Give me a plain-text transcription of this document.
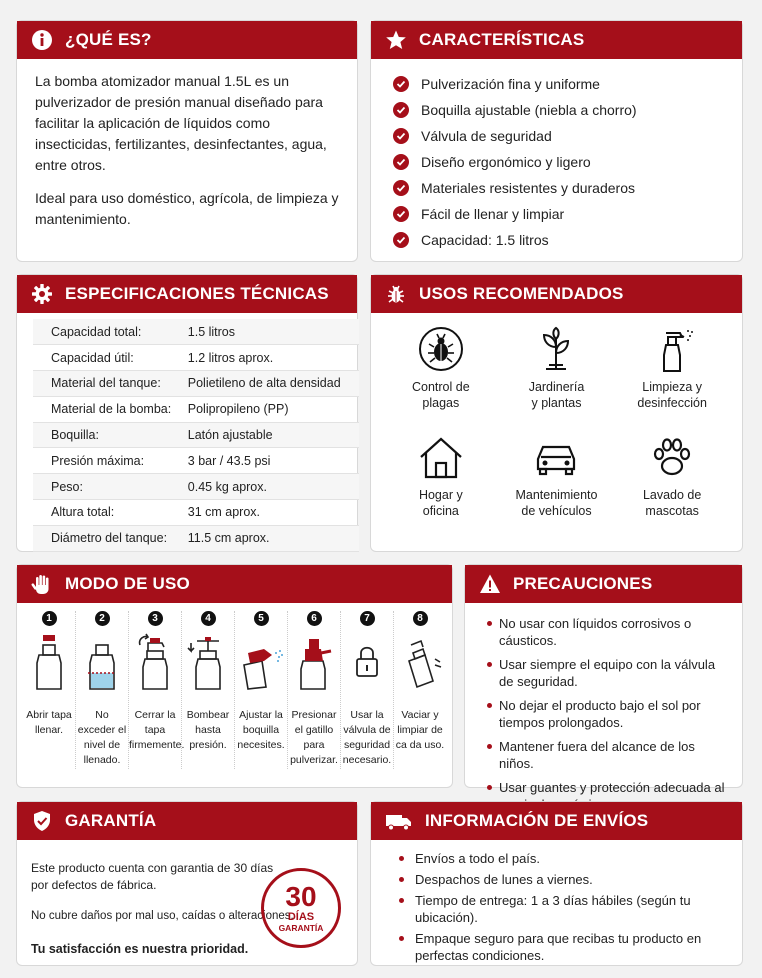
¿QUÉ ES?

La bomba atomizador manual 1.5L es un pulverizador de presión manual diseñado para facilitar la aplicación de líquidos como insecticidas, fertilizantes, desinfectantes, agua, entre otros.

Ideal para uso doméstico, agrícola, de limpieza y mantenimiento.

CARACTERÍSTICAS
Pulverización fina y uniforme
Boquilla ajustable (niebla a chorro)
Válvula de seguridad
Diseño ergonómico y ligero
Materiales resistentes y duraderos
Fácil de llenar y limpiar
Capacidad: 1.5 litros
ESPECIFICACIONES TÉCNICAS
Capacidad total:	1.5 litros
Capacidad útil:	1.2 litros aprox.
Material del tanque:	Polietileno de alta densidad
Material de la bomba:	Polipropileno (PP)
Boquilla:	Latón ajustable
Presión máxima:	3 bar / 43.5 psi
Peso:	0.45 kg aprox.
Altura total:	31 cm aprox.
Diámetro del tanque:	11.5 cm aprox.
USOS RECOMENDADOS
Control de
plagas
Jardinería
y plantas
Limpieza y
desinfección
Hogar y
oficina
Mantenimiento
de vehículos
Lavado de
mascotas
MODO DE USO
1
Abrir tapa llenar.
2
No exceder el nivel de llenado.
3
Cerrar la tapa firmemente.
4
Bombear hasta presión.
5
Ajustar la boquilla necesites.
6
Presionar el gatillo para pulverizar.
7
Usar la válvula de seguridad necesario.
8
Vaciar y limpiar de ca da uso.
PRECAUCIONES
No usar con líquidos corrosivos o cáusticos.
Usar siempre el equipo con la válvula de seguridad.
No dejar el producto bajo el sol por tiempos prolongados.
Mantener fuera del alcance de los niños.
Usar guantes y protección adecuada al
GARANTÍA
Este producto cuenta con garantia de 30 días por defectos de fábrica.
No cubre daños por mal uso, caídas o alteraciones.
Tu satisfacción es nuestra prioridad.
30
DÍAS
GARANTÍA
INFORMACIÓN DE ENVÍOS
Envíos a todo el país.
Despachos de lunes a viernes.
Tiempo de entrega: 1 a 3 días hábiles (según tu ubicación).
Empaque seguro para que recibas tu producto en perfectas condiciones.
